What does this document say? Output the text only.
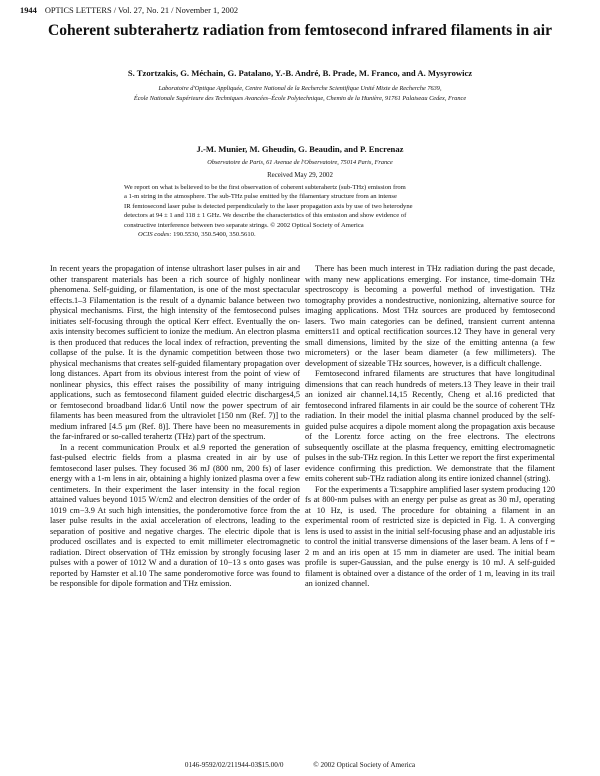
1944 OPTICS LETTERS / Vol. 27, No. 21 / November 1, 2002
Coherent subterahertz radiation from femtosecond infrared filaments in air
S. Tzortzakis, G. Méchain, G. Patalano, Y.-B. André, B. Prade, M. Franco, and A. Mysyrowicz
Laboratoire d'Optique Appliquée, Centre National de la Recherche Scientifique Unité Mixte de Recherche 7639,
École Nationale Supérieure des Techniques Avancées–École Polytechnique, Chemin de la Hunière, 91761 Palaiseau Cedex, France
J.-M. Munier, M. Gheudin, G. Beaudin, and P. Encrenaz
Observatoire de Paris, 61 Avenue de l'Observatoire, 75014 Paris, France
Received May 29, 2002
We report on what is believed to be the first observation of coherent subterahertz (sub-THz) emission from
a 1-m string in the atmosphere. The sub-THz pulse emitted by the filamentary structure from an intense
IR femtosecond laser pulse is detected perpendicularly to the laser propagation axis by use of two heterodyne
detectors at 94 ± 1 and 118 ± 1 GHz. We describe the characteristics of this emission and show evidence of
constructive interference between two separate strings. © 2002 Optical Society of America
OCIS codes: 190.5530, 350.5400, 350.5610.

In recent years the propagation of intense ultrashort laser pulses in air and other transparent materials has been a rich source of highly nonlinear phenomena. Self-guiding, or filamentation, is one of the most spectacular effects.1–3 Filamentation is the result of a dynamic balance between two physical mechanisms. First, the high intensity of the femtosecond pulses initiates self-focusing through the optical Kerr effect. Eventually the on-axis intensity becomes sufficient to ionize the medium. An electron plasma is then produced that reduces the local index of refraction, preventing the collapse of the pulse. It is the dynamic competition between those two physical mechanisms that creates self-guided filamentary propagation over long distances. Apart from its obvious interest from the point of view of nonlinear physics, this effect raises the possibility of many intriguing applications, such as femtosecond filament guided electric discharges4,5 or femtosecond broadband lidar.6 Until now the power spectrum of air filaments has been measured from the ultraviolet [150 nm (Ref. 7)] to the medium infrared [4.5 μm (Ref. 8)]. There have been no measurements in the far-infrared or so-called terahertz (THz) part of the spectrum.

In a recent communication Proulx et al.9 reported the generation of fast-pulsed electric fields from a plasma created in air by use of femtosecond laser pulses. They focused 36 mJ (800 nm, 200 fs) of laser energy with a 1-m lens in air, obtaining a highly ionized plasma over a few centimeters. In their experiment the laser intensity in the focal region attained values beyond 1015 W/cm2 and electron densities of the order of 1019 cm−3.9 At such high intensities, the ponderomotive force from the laser pulse results in the axial acceleration of electrons, leading to the separation of positive and negative charges. The electric dipole that is produced oscillates and is expected to emit millimeter electromagnetic radiation. Direct observation of THz emission by strongly focusing laser pulses with a power of 1012 W and a duration of 10−13 s onto gases was reported by Hamster et al.10 The same ponderomotive force was found to be responsible for dipole formation and THz emission.

There has been much interest in THz radiation during the past decade, with many new applications emerging. For instance, time-domain THz spectroscopy is becoming a powerful method of investigation. THz tomography provides a nondestructive, nonionizing, alternative source for imaging applications. Most THz sources are produced by femtosecond lasers. Two main categories can be defined, transient current antenna emitters11 and optical rectification sources.12 They have in general very small dimensions, limited by the size of the emitting antenna (a few micrometers) or the laser beam diameter (a few millimeters). The development of sizeable THz sources, however, is a difficult challenge.

Femtosecond infrared filaments are structures that have longitudinal dimensions that can reach hundreds of meters.13 They leave in their trail an ionized air channel.14,15 Recently, Cheng et al.16 predicted that femtosecond infrared filaments in air could be the source of coherent THz radiation. In their model the initial plasma channel produced by the self-guided pulse acquires a dipole moment along the propagation axis because of the Lorentz force acting on the free electrons. The electrons subsequently oscillate at the plasma frequency, emitting electromagnetic pulses in the sub-THz region. In this Letter we report the first experimental evidence confirming this prediction. We demonstrate that the filament emits coherent sub-THz radiation along its entire ionized channel (string).

For the experiments a Ti:sapphire amplified laser system producing 120 fs at 800-nm pulses with an energy per pulse as great as 30 mJ, operating at 10 Hz, is used. The procedure for obtaining a filament in an experimental room of restricted size is depicted in Fig. 1. A converging lens is used to assist in the initial self-focusing phase and an adjustable iris to control the initial transverse dimensions of the laser beam. A lens of f = 2 m and an iris open at 15 mm in diameter are used. The initial beam profile is super-Gaussian, and the pulse energy is 10 mJ. A self-guided filament is obtained over a distance of the order of 1 m, leaving in its trail an ionized channel.

0146-9592/02/211944-03$15.00/0	© 2002 Optical Society of America
